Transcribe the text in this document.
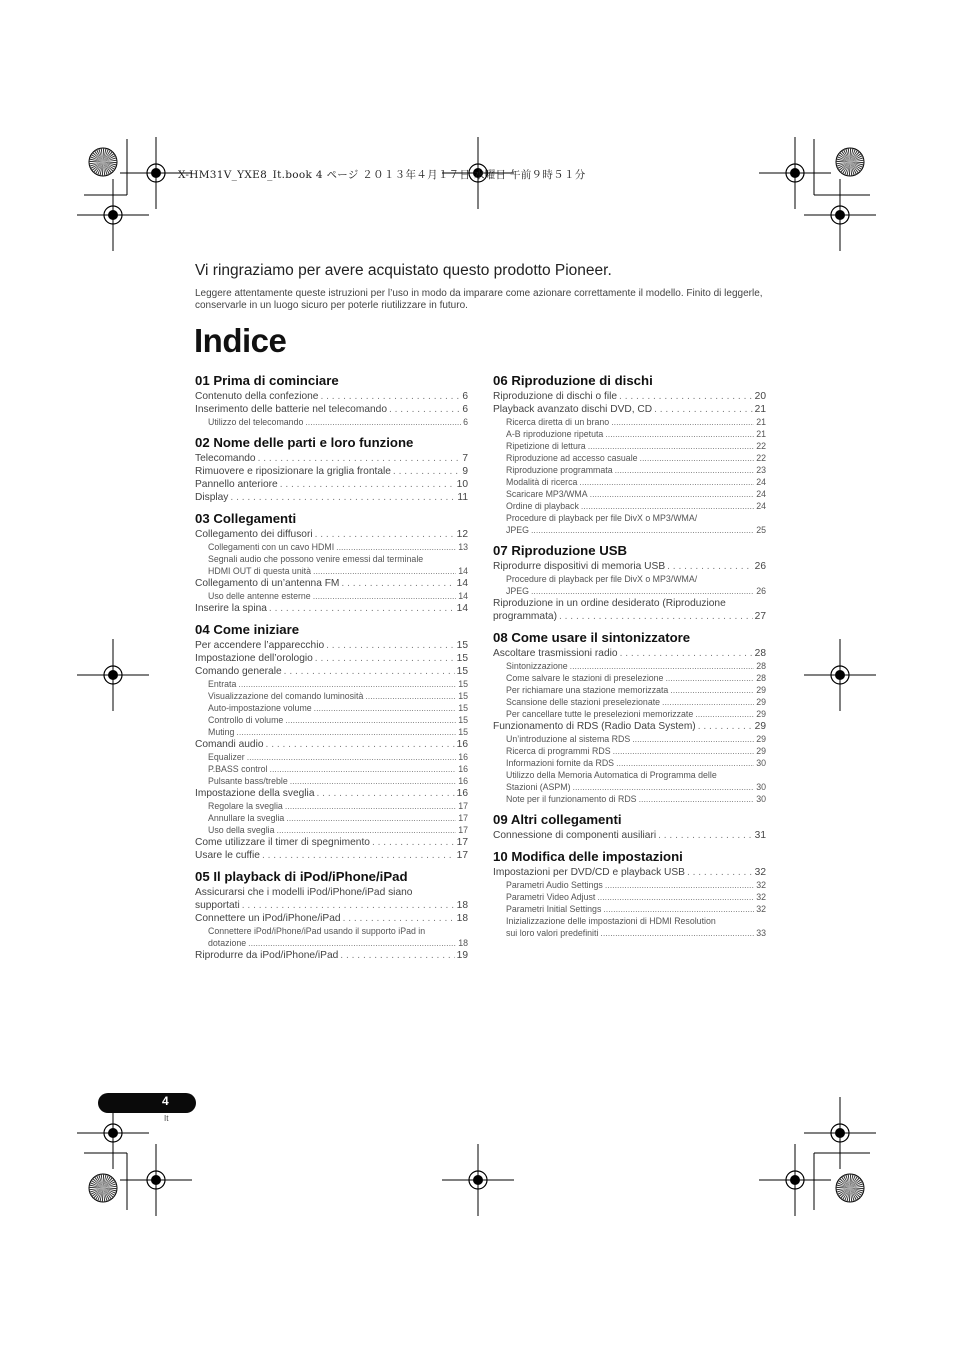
X-HM31V_YXE8_It.book 4 ページ ２０１３年４月１７日 水曜日 午前９時５１分
Vi ringraziamo per avere acquistato questo prodotto Pioneer.
Leggere attentamente queste istruzioni per l’uso in modo da imparare come azionare correttamente il modello. Finito di leggerle, conservarle in un luogo sicuro per poterle riutilizzare in futuro.
Indice
01 Prima di cominciare
Contenuto della confezione . . .	6
Inserimento delle batterie nel telecomando . . .	6
Utilizzo del telecomando .....	6
02 Nome delle parti e loro funzione
Telecomando . . .	7
Rimuovere e riposizionare la griglia frontale . . .	9
Pannello anteriore . . .	10
Display . . .	11
03 Collegamenti
Collegamento dei diffusori . . .	12
Collegamenti con un cavo HDMI .....	13
Segnali audio che possono venire emessi dal terminale
HDMI OUT di questa unità .....	14
Collegamento di un’antenna FM . . .	14
Uso delle antenne esterne .....	14
Inserire la spina . . .	14
04 Come iniziare
Per accendere l’apparecchio . . .	15
Impostazione dell’orologio . . .	15
Comando generale . . .	15
Entrata .....	15
Visualizzazione del comando luminosità .....	15
Auto-impostazione volume .....	15
Controllo di volume .....	15
Muting .....	15
Comandi audio . . .	16
Equalizer .....	16
P.BASS control .....	16
Pulsante bass/treble .....	16
Impostazione della sveglia . . .	16
Regolare la sveglia .....	17
Annullare la sveglia .....	17
Uso della sveglia .....	17
Come utilizzare il timer di spegnimento . . .	17
Usare le cuffie . . .	17
05 Il playback di iPod/iPhone/iPad
Assicurarsi che i modelli iPod/iPhone/iPad siano
supportati . . .	18
Connettere un iPod/iPhone/iPad . . .	18
Connettere iPod/iPhone/iPad usando il supporto iPad in
dotazione .....	18
Riprodurre da iPod/iPhone/iPad . . .	19
06 Riproduzione di dischi
Riproduzione di dischi o file . . .	20
Playback avanzato dischi DVD, CD . . .	21
Ricerca diretta di un brano .....	21
A-B riproduzione ripetuta .....	21
Ripetizione di lettura .....	22
Riproduzione ad accesso casuale .....	22
Riproduzione programmata .....	23
Modalità di ricerca .....	24
Scaricare MP3/WMA .....	24
Ordine di playback .....	24
Procedure di playback per file DivX o MP3/WMA/
JPEG .....	25
07 Riproduzione USB
Riprodurre dispositivi di memoria USB . . .	26
Procedure di playback per file DivX o MP3/WMA/
JPEG .....	26
Riproduzione in un ordine desiderato (Riproduzione
programmata) . . .	27
08 Come usare il sintonizzatore
Ascoltare trasmissioni radio . . .	28
Sintonizzazione .....	28
Come salvare le stazioni di preselezione .....	28
Per richiamare una stazione memorizzata .....	29
Scansione delle stazioni preselezionate .....	29
Per cancellare tutte le preselezioni memorizzate .....	29
Funzionamento di RDS (Radio Data System) . . .	29
Un’introduzione al sistema RDS .....	29
Ricerca di programmi RDS .....	29
Informazioni fornite da RDS .....	30
Utilizzo della Memoria Automatica di Programma delle
Stazioni (ASPM) .....	30
Note per il funzionamento di RDS .....	30
09 Altri collegamenti
Connessione di componenti ausiliari . . .	31
10 Modifica delle impostazioni
Impostazioni per DVD/CD e playback USB . . .	32
Parametri Audio Settings .....	32
Parametri Video Adjust .....	32
Parametri Initial Settings .....	32
Inizializzazione delle impostazioni di HDMI Resolution
sui loro valori predefiniti .....	33
4
It
